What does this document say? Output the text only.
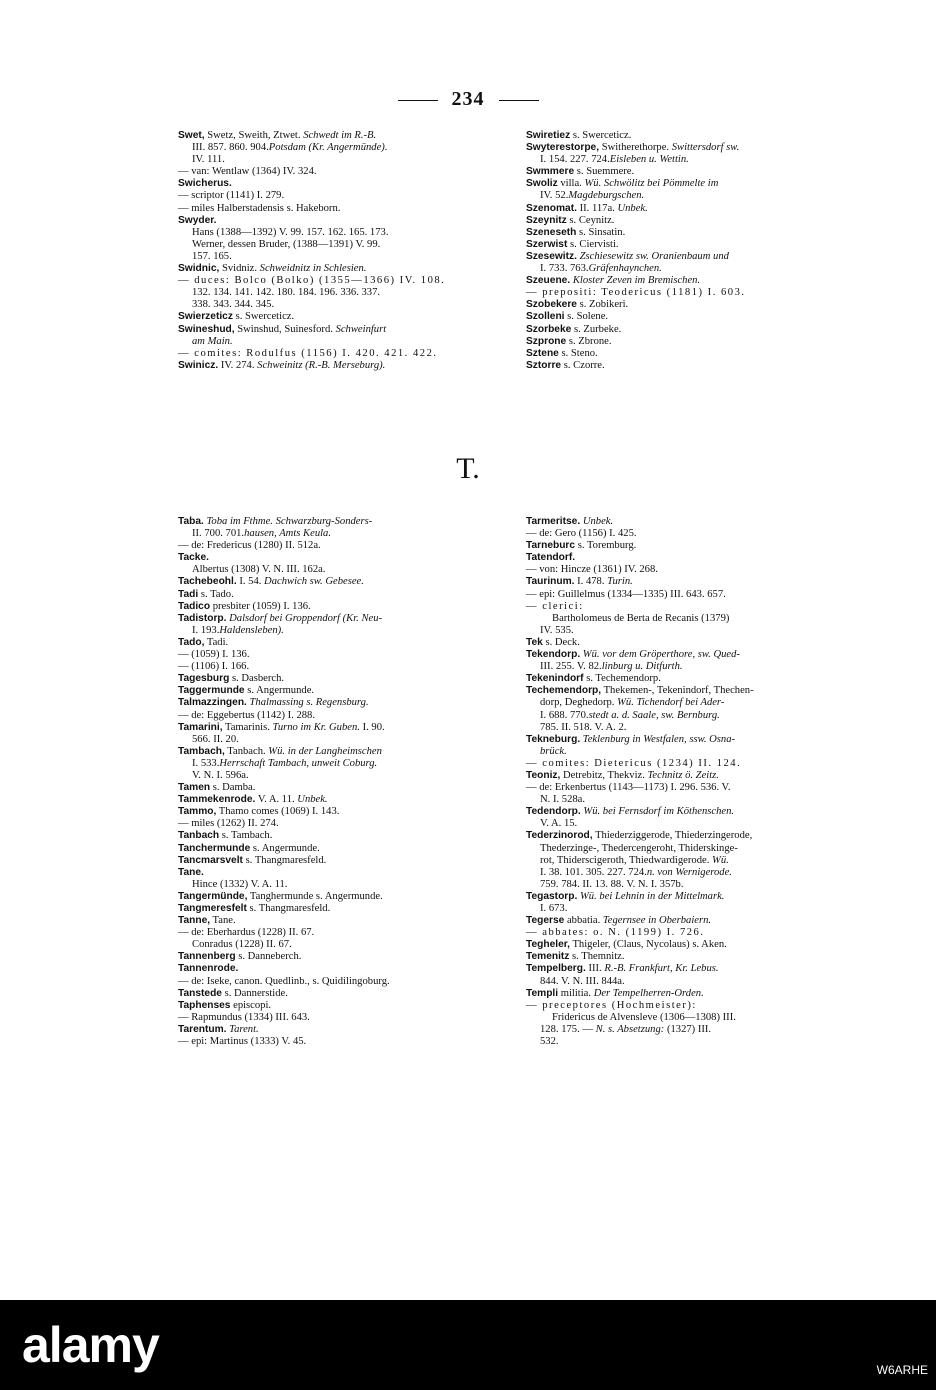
234
Swet, Swetz, Sweith, Ztwet. Schwedt im R.-B.
III. 857. 860. 904.Potsdam (Kr. Angermünde).
IV. 111.
— van: Wentlaw (1364) IV. 324.
Swicherus.
— scriptor (1141) I. 279.
— miles Halberstadensis s. Hakeborn.
Swyder.
Hans (1388—1392) V. 99. 157. 162. 165. 173.
Werner, dessen Bruder, (1388—1391) V. 99.
157. 165.
Swidnic, Svidniz. Schweidnitz in Schlesien.
— duces: Bolco (Bolko) (1355—1366) IV. 108.
132. 134. 141. 142. 180. 184. 196. 336. 337.
338. 343. 344. 345.
Swierzeticz s. Swerceticz.
Swineshud, Swinshud, Suinesford. Schweinfurt
am Main.
— comites: Rodulfus (1156) I. 420. 421. 422.
Swinicz. IV. 274. Schweinitz (R.-B. Merseburg).
Swiretiez s. Swerceticz.
Swyterestorpe, Switherethorpe. Swittersdorf sw.
I. 154. 227. 724.Eisleben u. Wettin.
Swmmere s. Suemmere.
Swoliz villa. Wü. Schwölitz bei Pömmelte im
IV. 52.Magdeburgschen.
Szenomat. II. 117a. Unbek.
Szeynitz s. Ceynitz.
Szeneseth s. Sinsatin.
Szerwist s. Ciervisti.
Szesewitz. Zschiesewitz sw. Oranienbaum und
I. 733. 763.Gräfenhaynchen.
Szeuene. Kloster Zeven im Bremischen.
— prepositi: Teodericus (1181) I. 603.
Szobekere s. Zobikeri.
Szolleni s. Solene.
Szorbeke s. Zurbeke.
Szprone s. Zbrone.
Sztene s. Steno.
Sztorre s. Czorre.
T.
Taba. Toba im Fthme. Schwarzburg-Sonders-
II. 700. 701.hausen, Amts Keula.
— de: Fredericus (1280) II. 512a.
Tacke.
Albertus (1308) V. N. III. 162a.
Tachebeohl. I. 54. Dachwich sw. Gebesee.
Tadi s. Tado.
Tadico presbiter (1059) I. 136.
Tadistorp. Dalsdorf bei Groppendorf (Kr. Neu-
I. 193.Haldensleben).
Tado, Tadi.
— (1059) I. 136.
— (1106) I. 166.
Tagesburg s. Dasberch.
Taggermunde s. Angermunde.
Talmazzingen. Thalmassing s. Regensburg.
— de: Eggebertus (1142) I. 288.
Tamarini, Tamarinis. Turno im Kr. Guben. I. 90.
566. II. 20.
Tambach, Tanbach. Wü. in der Langheimschen
I. 533.Herrschaft Tambach, unweit Coburg.
V. N. I. 596a.
Tamen s. Damba.
Tammekenrode. V. A. 11. Unbek.
Tammo, Thamo comes (1069) I. 143.
— miles (1262) II. 274.
Tanbach s. Tambach.
Tanchermunde s. Angermunde.
Tancmarsvelt s. Thangmaresfeld.
Tane.
Hince (1332) V. A. 11.
Tangermünde, Tanghermunde s. Angermunde.
Tangmeresfelt s. Thangmaresfeld.
Tanne, Tane.
— de: Eberhardus (1228) II. 67.
Conradus (1228) II. 67.
Tannenberg s. Danneberch.
Tannenrode.
— de: Iseke, canon. Quedlinb., s. Quidilingoburg.
Tanstede s. Dannerstide.
Taphenses episcopi.
— Rapmundus (1334) III. 643.
Tarentum. Tarent.
— epi: Martinus (1333) V. 45.
Tarmeritse. Unbek.
— de: Gero (1156) I. 425.
Tarneburc s. Toremburg.
Tatendorf.
— von: Hincze (1361) IV. 268.
Taurinum. I. 478. Turin.
— epi: Guillelmus (1334—1335) III. 643. 657.
— clerici:
Bartholomeus de Berta de Recanis (1379)
IV. 535.
Tek s. Deck.
Tekendorp. Wü. vor dem Gröperthore, sw. Qued-
III. 255. V. 82.linburg u. Ditfurth.
Tekenindorf s. Techemendorp.
Techemendorp, Thekemen-, Tekenindorf, Thechen-
dorp, Deghedorp. Wü. Tichendorf bei Ader-
I. 688. 770.stedt a. d. Saale, sw. Bernburg.
785. II. 518. V. A. 2.
Tekneburg. Teklenburg in Westfalen, ssw. Osna-
brück.
— comites: Dietericus (1234) II. 124.
Teoniz, Detrebitz, Thekviz. Technitz ö. Zeitz.
— de: Erkenbertus (1143—1173) I. 296. 536. V.
N. I. 528a.
Tedendorp. Wü. bei Fernsdorf im Köthenschen.
V. A. 15.
Tederzinorod, Thiederziggerode, Thiederzingerode,
Thederzinge-, Thedercengeroht, Thiderskinge-
rot, Thiderscigeroth, Thiedwardigerode. Wü.
I. 38. 101. 305. 227. 724.n. von Wernigerode.
759. 784. II. 13. 88. V. N. I. 357b.
Tegastorp. Wü. bei Lehnin in der Mittelmark.
I. 673.
Tegerse abbatia. Tegernsee in Oberbaiern.
— abbates: o. N. (1199) I. 726.
Tegheler, Thigeler, (Claus, Nycolaus) s. Aken.
Temenitz s. Themnitz.
Tempelberg. III. R.-B. Frankfurt, Kr. Lebus.
844. V. N. III. 844a.
Templi militia. Der Tempelherren-Orden.
— preceptores (Hochmeister):
Fridericus de Alvensleve (1306—1308) III.
128. 175. — N. s. Absetzung: (1327) III.
532.
alamy	W6ARHE
